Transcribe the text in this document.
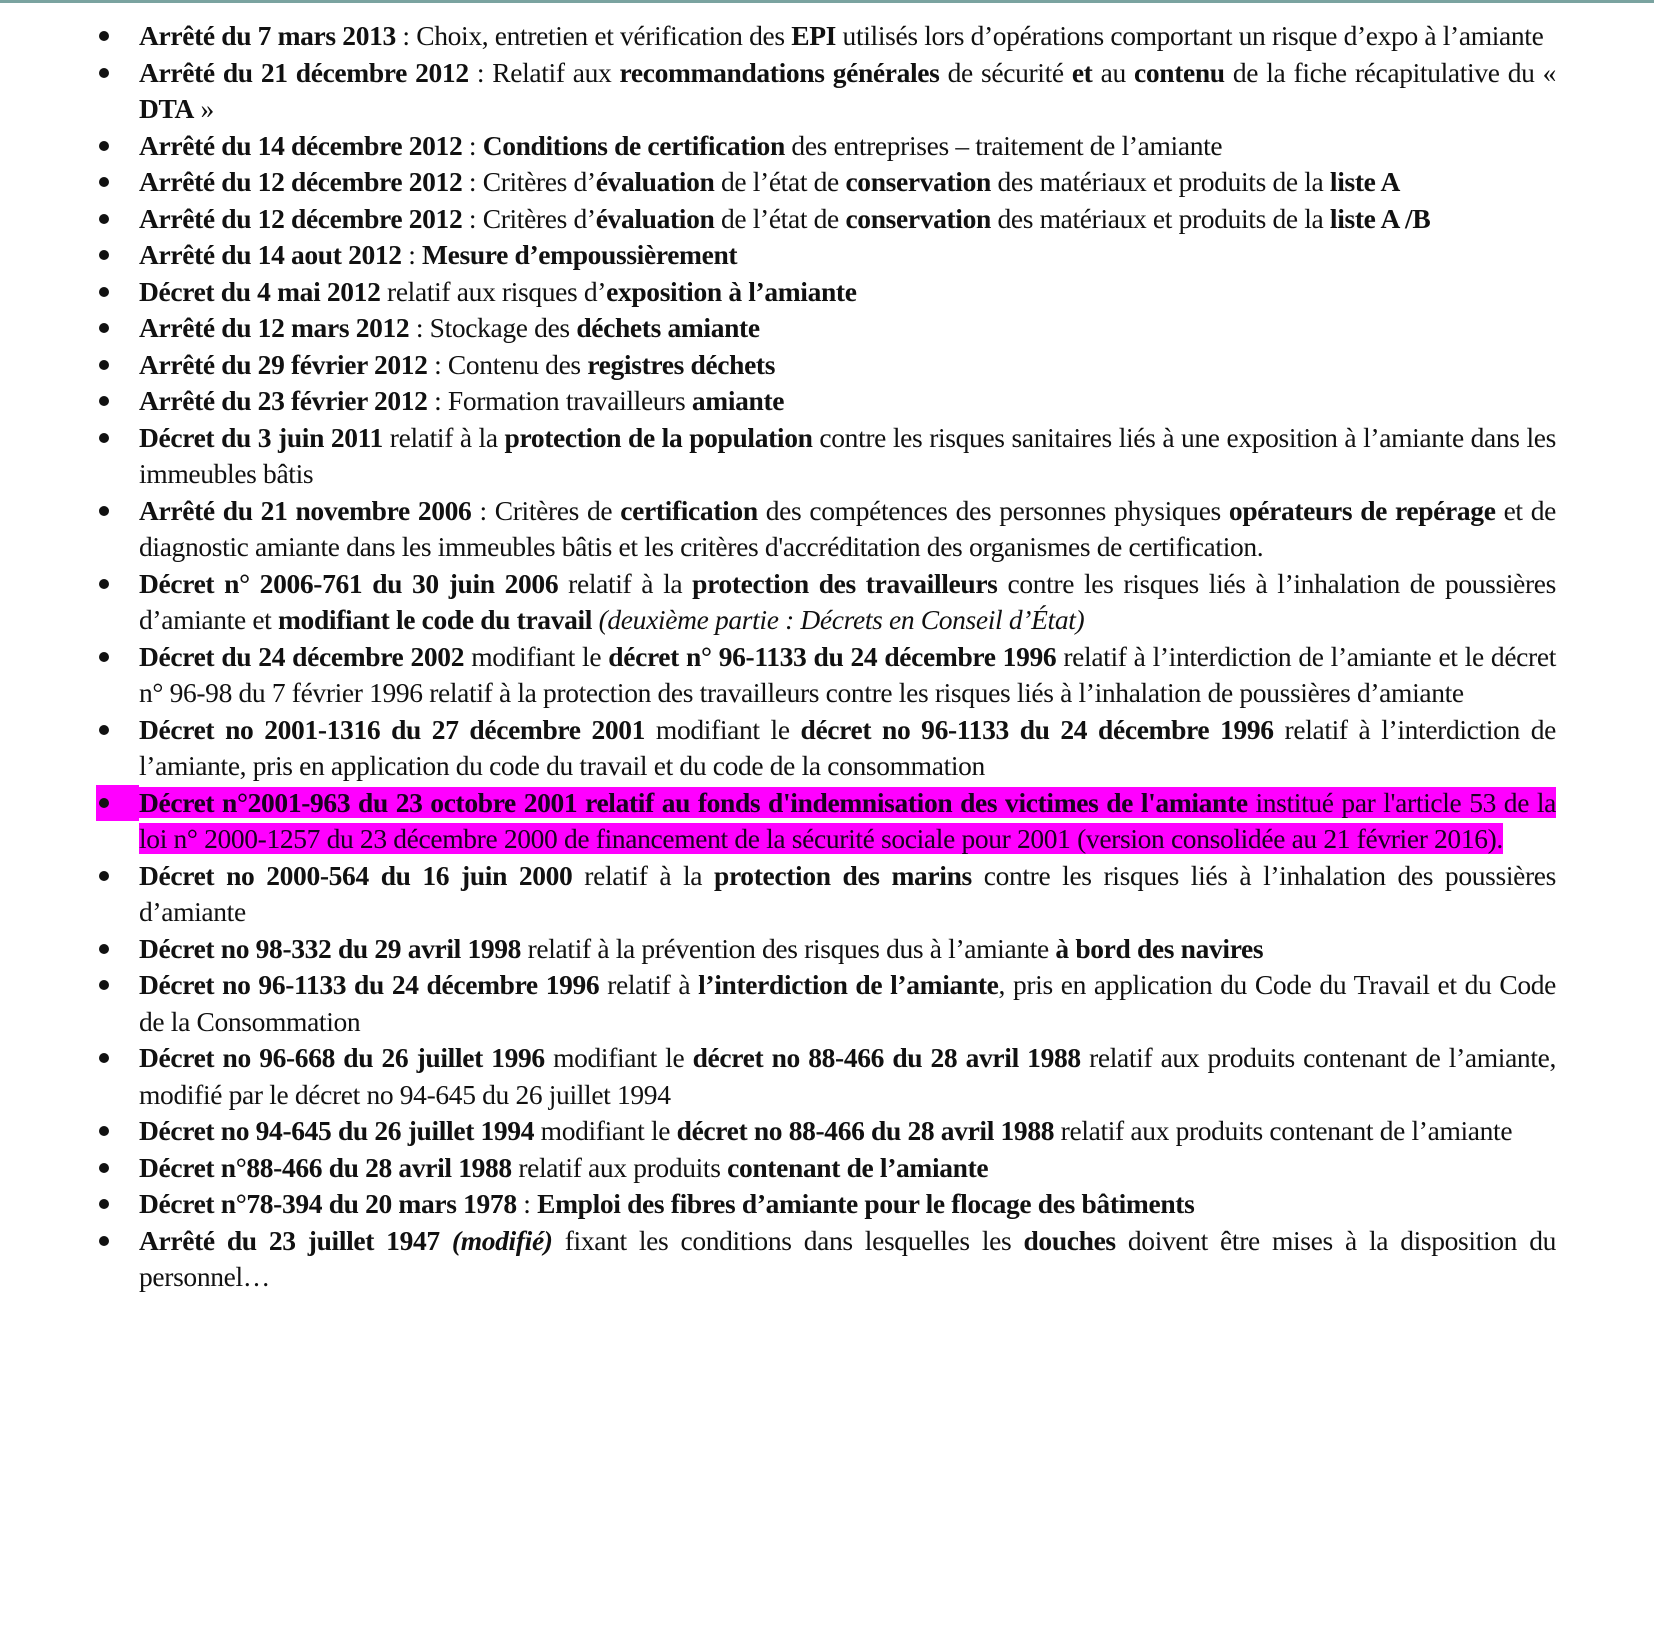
Arrêté du 7 mars 2013 : Choix, entretien et vérification des EPI utilisés lors d’opérations comportant un risque d’expo à l’amiante
Arrêté du 21 décembre 2012 : Relatif aux recommandations générales de sécurité et au contenu de la fiche récapitulative du « DTA »
Arrêté du 14 décembre 2012 : Conditions de certification des entreprises – traitement de l’amiante
Arrêté du 12 décembre 2012 : Critères d’évaluation de l’état de conservation des matériaux et produits de la liste A
Arrêté du 12 décembre 2012 : Critères d’évaluation de l’état de conservation des matériaux et produits de la liste A /B
Arrêté du 14 aout 2012 : Mesure d’empoussièrement
Décret du 4 mai 2012 relatif aux risques d’exposition à l’amiante
Arrêté du 12 mars 2012 : Stockage des déchets amiante
Arrêté du 29 février 2012 : Contenu des registres déchets
Arrêté du 23 février 2012 : Formation travailleurs amiante
Décret du 3 juin 2011 relatif à la protection de la population contre les risques sanitaires liés à une exposition à l’amiante dans les immeubles bâtis
Arrêté du 21 novembre 2006 : Critères de certification des compétences des personnes physiques opérateurs de repérage et de diagnostic amiante dans les immeubles bâtis et les critères d'accréditation des organismes de certification.
Décret n° 2006-761 du 30 juin 2006 relatif à la protection des travailleurs contre les risques liés à l’inhalation de poussières d’amiante et modifiant le code du travail (deuxième partie : Décrets en Conseil d’État)
Décret du 24 décembre 2002 modifiant le décret n° 96-1133 du 24 décembre 1996 relatif à l’interdiction de l’amiante et le décret n° 96-98 du 7 février 1996 relatif à la protection des travailleurs contre les risques liés à l’inhalation de poussières d’amiante
Décret no 2001-1316 du 27 décembre 2001 modifiant le décret no 96-1133 du 24 décembre 1996 relatif à l’interdiction de l’amiante, pris en application du code du travail et du code de la consommation
Décret n°2001-963 du 23 octobre 2001 relatif au fonds d'indemnisation des victimes de l'amiante institué par l'article 53 de la loi n° 2000-1257 du 23 décembre 2000 de financement de la sécurité sociale pour 2001 (version consolidée au 21 février 2016).
Décret no 2000-564 du 16 juin 2000 relatif à la protection des marins contre les risques liés à l’inhalation des poussières d’amiante
Décret no 98-332 du 29 avril 1998 relatif à la prévention des risques dus à l’amiante à bord des navires
Décret no 96-1133 du 24 décembre 1996 relatif à l’interdiction de l’amiante, pris en application du Code du Travail et du Code de la Consommation
Décret no 96-668 du 26 juillet 1996 modifiant le décret no 88-466 du 28 avril 1988 relatif aux produits contenant de l’amiante, modifié par le décret no 94-645 du 26 juillet 1994
Décret no 94-645 du 26 juillet 1994 modifiant le décret no 88-466 du 28 avril 1988 relatif aux produits contenant de l’amiante
Décret n°88-466 du 28 avril 1988 relatif aux produits contenant de l’amiante
Décret n°78-394 du 20 mars 1978 : Emploi des fibres d’amiante pour le flocage des bâtiments
Arrêté du 23 juillet 1947 (modifié) fixant les conditions dans lesquelles les douches doivent être mises à la disposition du personnel…
